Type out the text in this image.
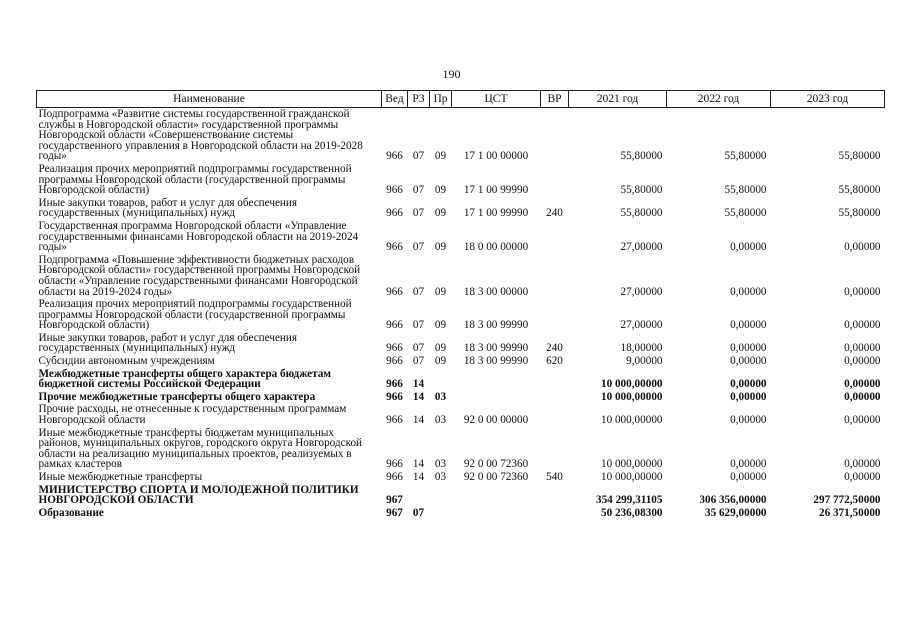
190
Наименование	Вед	РЗ	Пр	ЦСТ	ВР	2021 год	2022 год	2023 год
Подпрограмма «Развитие системы государственной гражданской службы в Новгородской области» государственной программы Новгородской области «Совершенствование системы государственного управления в Новгородской области на 2019-2028 годы»	966	07	09	17 1 00 00000		55,80000	55,80000	55,80000
Реализация прочих мероприятий подпрограммы государственной программы Новгородской области (государственной программы Новгородской области)	966	07	09	17 1 00 99990		55,80000	55,80000	55,80000
Иные закупки товаров, работ и услуг для обеспечения государственных (муниципальных) нужд	966	07	09	17 1 00 99990	240	55,80000	55,80000	55,80000
Государственная программа Новгородской области «Управление государственными финансами Новгородской области на 2019-2024 годы»	966	07	09	18 0 00 00000		27,00000	0,00000	0,00000
Подпрограмма «Повышение эффективности бюджетных расходов Новгородской области» государственной программы Новгородской области «Управление государственными финансами Новгородской области на 2019-2024 годы»	966	07	09	18 3 00 00000		27,00000	0,00000	0,00000
Реализация прочих мероприятий подпрограммы государственной программы Новгородской области (государственной программы Новгородской области)	966	07	09	18 3 00 99990		27,00000	0,00000	0,00000
Иные закупки товаров, работ и услуг для обеспечения государственных (муниципальных) нужд	966	07	09	18 3 00 99990	240	18,00000	0,00000	0,00000
Субсидии автономным учреждениям	966	07	09	18 3 00 99990	620	9,00000	0,00000	0,00000
Межбюджетные трансферты общего характера бюджетам бюджетной системы Российской Федерации	966	14				10 000,00000	0,00000	0,00000
Прочие межбюджетные трансферты общего характера	966	14	03			10 000,00000	0,00000	0,00000
Прочие расходы, не отнесенные к государственным программам Новгородской области	966	14	03	92 0 00 00000		10 000,00000	0,00000	0,00000
Иные межбюджетные трансферты бюджетам муниципальных районов, муниципальных округов, городского округа Новгородской области на реализацию муниципальных проектов, реализуемых в рамках кластеров	966	14	03	92 0 00 72360		10 000,00000	0,00000	0,00000
Иные межбюджетные трансферты	966	14	03	92 0 00 72360	540	10 000,00000	0,00000	0,00000
МИНИСТЕРСТВО СПОРТА И МОЛОДЕЖНОЙ ПОЛИТИКИ НОВГОРОДСКОЙ ОБЛАСТИ	967					354 299,31105	306 356,00000	297 772,50000
Образование	967	07				50 236,08300	35 629,00000	26 371,50000
